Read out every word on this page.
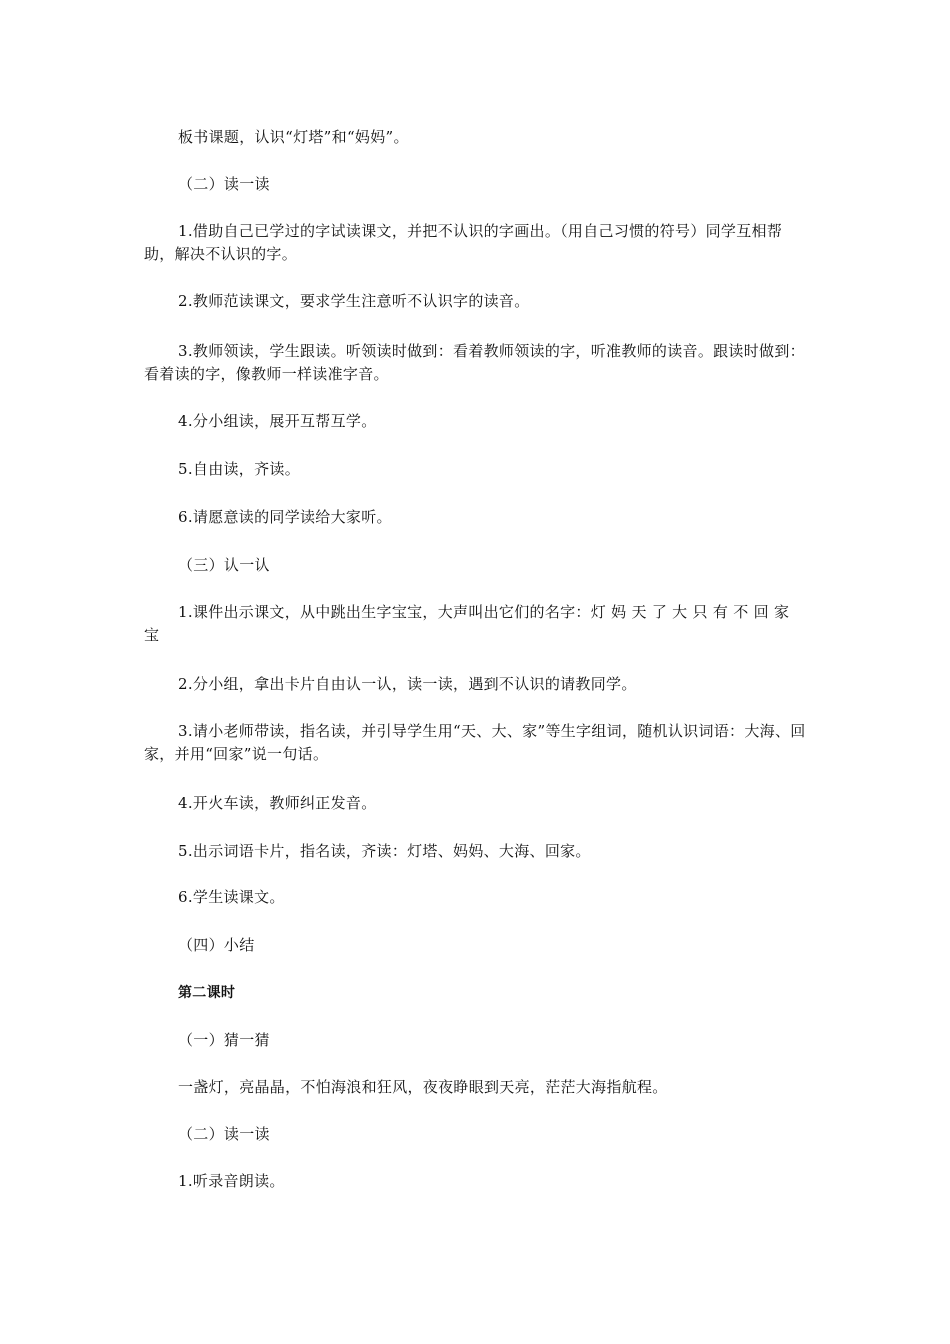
板书课题，认识“灯塔”和“妈妈”。

（二）读一读

1.借助自己已学过的字试读课文，并把不认识的字画出。（用自己习惯的符号）同学互相帮助，解决不认识的字。

2.教师范读课文，要求学生注意听不认识字的读音。

3.教师领读，学生跟读。听领读时做到：看着教师领读的字，听准教师的读音。跟读时做到：看着读的字，像教师一样读准字音。

4.分小组读，展开互帮互学。

5.自由读，齐读。

6.请愿意读的同学读给大家听。

（三）认一认

1.课件出示课文，从中跳出生字宝宝，大声叫出它们的名字：灯 妈 天 了 大 只 有 不 回 家 宝

2.分小组，拿出卡片自由认一认，读一读，遇到不认识的请教同学。

3.请小老师带读，指名读，并引导学生用“天、大、家”等生字组词，随机认识词语：大海、回家，并用“回家”说一句话。

4.开火车读，教师纠正发音。

5.出示词语卡片，指名读，齐读：灯塔、妈妈、大海、回家。

6.学生读课文。

（四）小结

第二课时

（一）猜一猜

一盏灯，亮晶晶，不怕海浪和狂风，夜夜睁眼到天亮，茫茫大海指航程。

（二）读一读

1.听录音朗读。
